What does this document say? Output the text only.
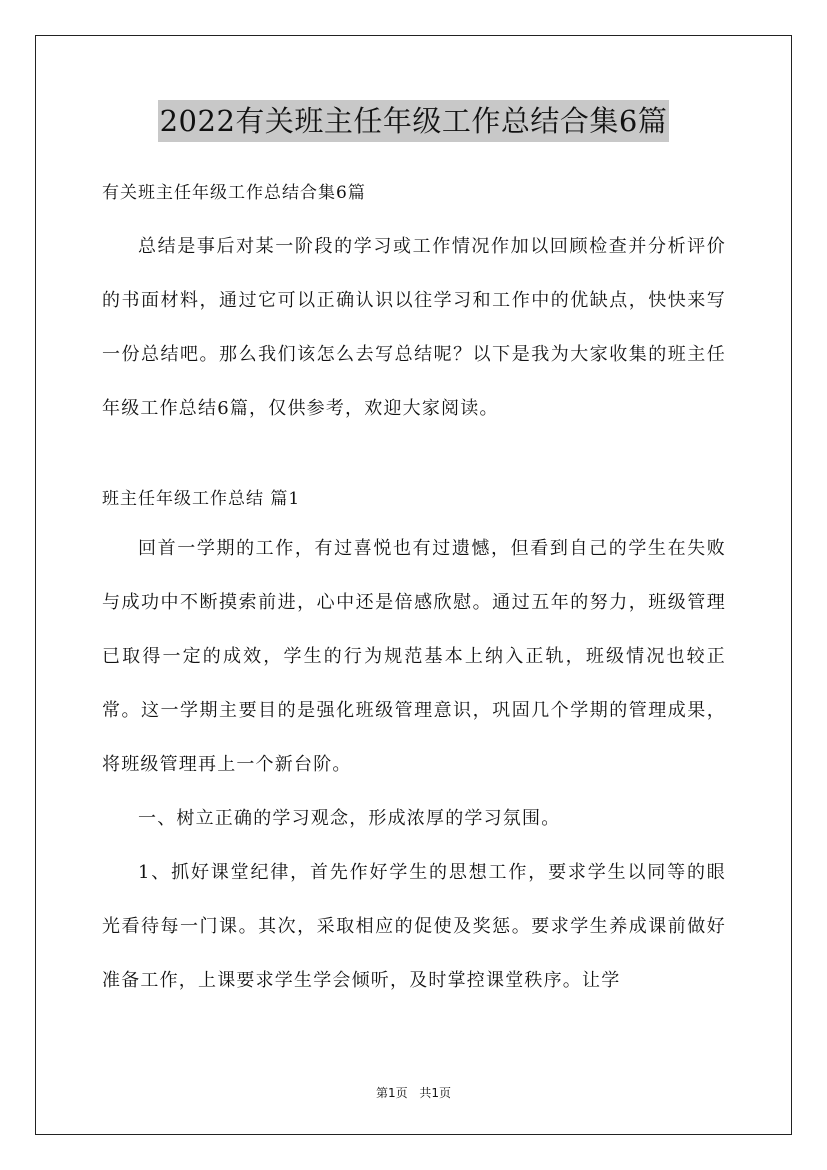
2022有关班主任年级工作总结合集6篇

有关班主任年级工作总结合集6篇

总结是事后对某一阶段的学习或工作情况作加以回顾检查并分析评价的书面材料，通过它可以正确认识以往学习和工作中的优缺点，快快来写一份总结吧。那么我们该怎么去写总结呢？以下是我为大家收集的班主任年级工作总结6篇，仅供参考，欢迎大家阅读。

班主任年级工作总结 篇1

回首一学期的工作，有过喜悦也有过遗憾，但看到自己的学生在失败与成功中不断摸索前进，心中还是倍感欣慰。通过五年的努力，班级管理已取得一定的成效，学生的行为规范基本上纳入正轨，班级情况也较正常。这一学期主要目的是强化班级管理意识，巩固几个学期的管理成果，将班级管理再上一个新台阶。

一、树立正确的学习观念，形成浓厚的学习氛围。

1、抓好课堂纪律，首先作好学生的思想工作，要求学生以同等的眼光看待每一门课。其次，采取相应的促使及奖惩。要求学生养成课前做好准备工作，上课要求学生学会倾听，及时掌控课堂秩序。让学

第1页 共1页
